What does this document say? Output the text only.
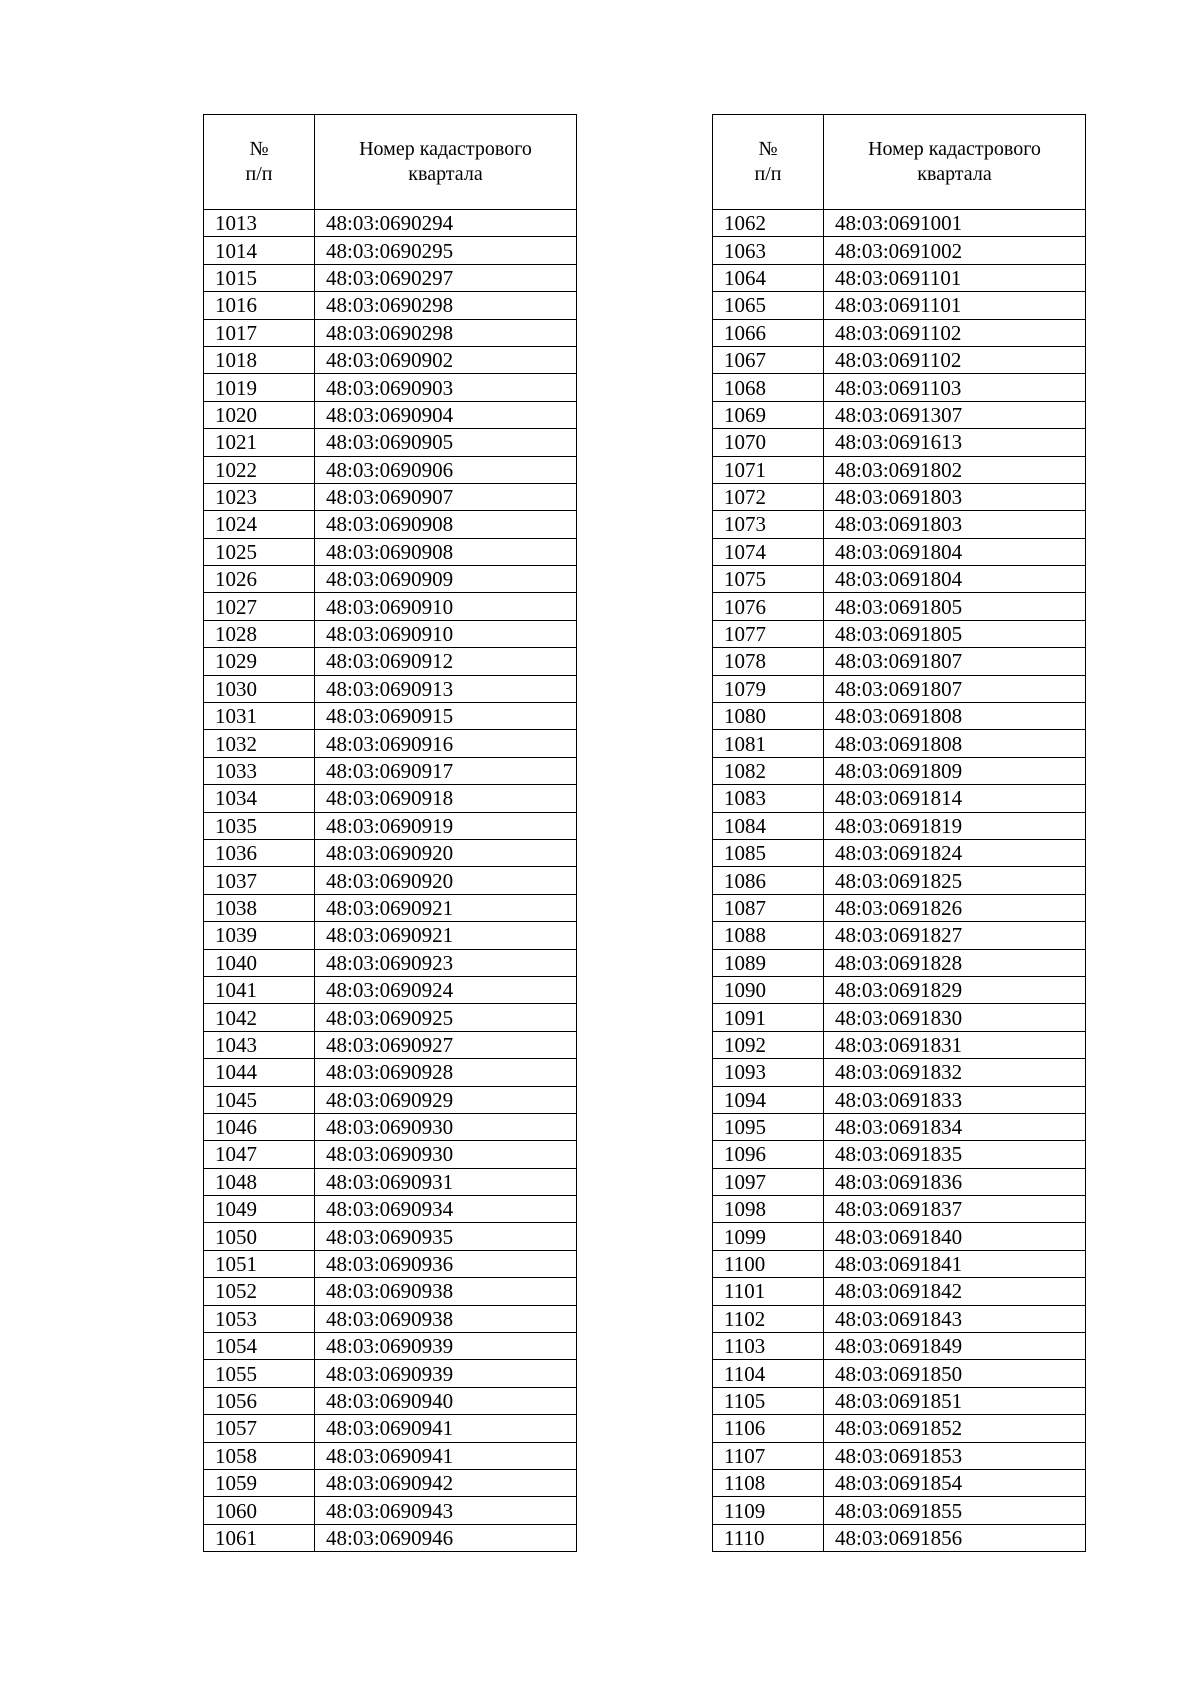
№
п/п	Номер кадастрового
квартала

1013	48:03:0690294
1014	48:03:0690295
1015	48:03:0690297
1016	48:03:0690298
1017	48:03:0690298
1018	48:03:0690902
1019	48:03:0690903
1020	48:03:0690904
1021	48:03:0690905
1022	48:03:0690906
1023	48:03:0690907
1024	48:03:0690908
1025	48:03:0690908
1026	48:03:0690909
1027	48:03:0690910
1028	48:03:0690910
1029	48:03:0690912
1030	48:03:0690913
1031	48:03:0690915
1032	48:03:0690916
1033	48:03:0690917
1034	48:03:0690918
1035	48:03:0690919
1036	48:03:0690920
1037	48:03:0690920
1038	48:03:0690921
1039	48:03:0690921
1040	48:03:0690923
1041	48:03:0690924
1042	48:03:0690925
1043	48:03:0690927
1044	48:03:0690928
1045	48:03:0690929
1046	48:03:0690930
1047	48:03:0690930
1048	48:03:0690931
1049	48:03:0690934
1050	48:03:0690935
1051	48:03:0690936
1052	48:03:0690938
1053	48:03:0690938
1054	48:03:0690939
1055	48:03:0690939
1056	48:03:0690940
1057	48:03:0690941
1058	48:03:0690941
1059	48:03:0690942
1060	48:03:0690943
1061	48:03:0690946
№
п/п	Номер кадастрового
квартала

1062	48:03:0691001
1063	48:03:0691002
1064	48:03:0691101
1065	48:03:0691101
1066	48:03:0691102
1067	48:03:0691102
1068	48:03:0691103
1069	48:03:0691307
1070	48:03:0691613
1071	48:03:0691802
1072	48:03:0691803
1073	48:03:0691803
1074	48:03:0691804
1075	48:03:0691804
1076	48:03:0691805
1077	48:03:0691805
1078	48:03:0691807
1079	48:03:0691807
1080	48:03:0691808
1081	48:03:0691808
1082	48:03:0691809
1083	48:03:0691814
1084	48:03:0691819
1085	48:03:0691824
1086	48:03:0691825
1087	48:03:0691826
1088	48:03:0691827
1089	48:03:0691828
1090	48:03:0691829
1091	48:03:0691830
1092	48:03:0691831
1093	48:03:0691832
1094	48:03:0691833
1095	48:03:0691834
1096	48:03:0691835
1097	48:03:0691836
1098	48:03:0691837
1099	48:03:0691840
1100	48:03:0691841
1101	48:03:0691842
1102	48:03:0691843
1103	48:03:0691849
1104	48:03:0691850
1105	48:03:0691851
1106	48:03:0691852
1107	48:03:0691853
1108	48:03:0691854
1109	48:03:0691855
1110	48:03:0691856
